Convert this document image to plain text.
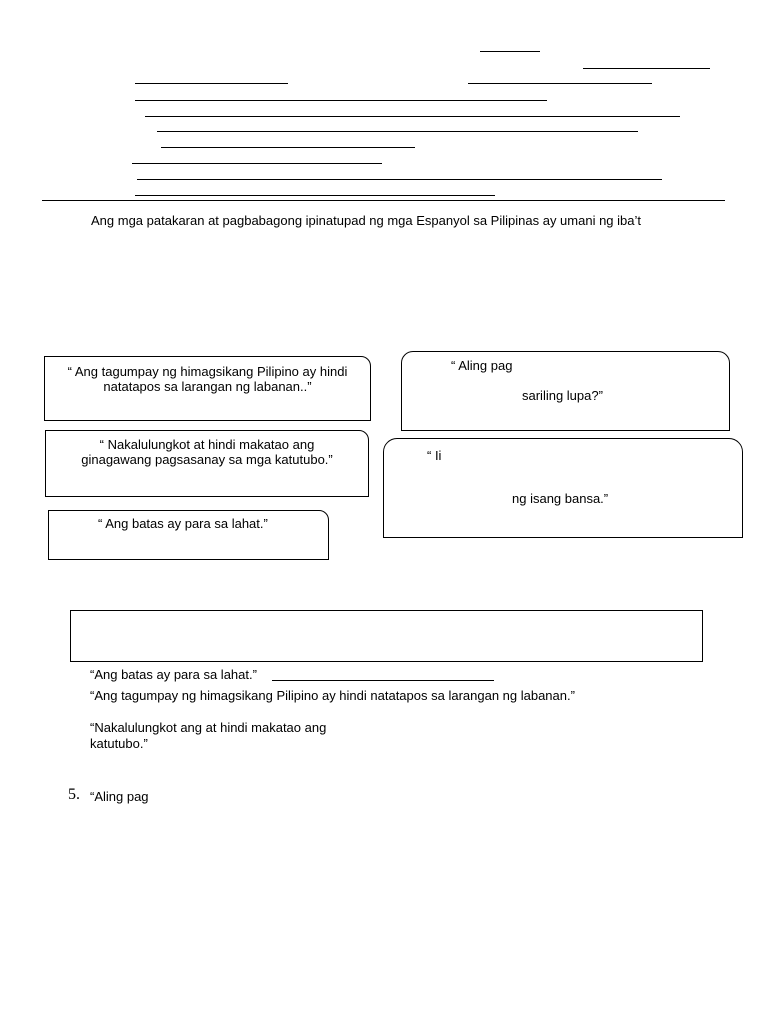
Ang mga patakaran at pagbabagong ipinatupad ng mga Espanyol sa Pilipinas ay umani ng iba’t
“ Ang tagumpay ng himagsikang Pilipino ay hindi
natatapos sa larangan ng labanan..”
“ Aling pag
sariling lupa?”
“ Nakalulungkot at hindi makatao ang
ginagawang pagsasanay sa mga katutubo.”	“ Ii
ng isang bansa.”
“ Ang batas ay para sa lahat.”
“Ang batas ay para sa lahat.”
“Ang tagumpay ng himagsikang Pilipino ay hindi natatapos sa larangan ng labanan.”
“Nakalulungkot ang at hindi makatao ang
katutubo.”
5. “Aling pag
